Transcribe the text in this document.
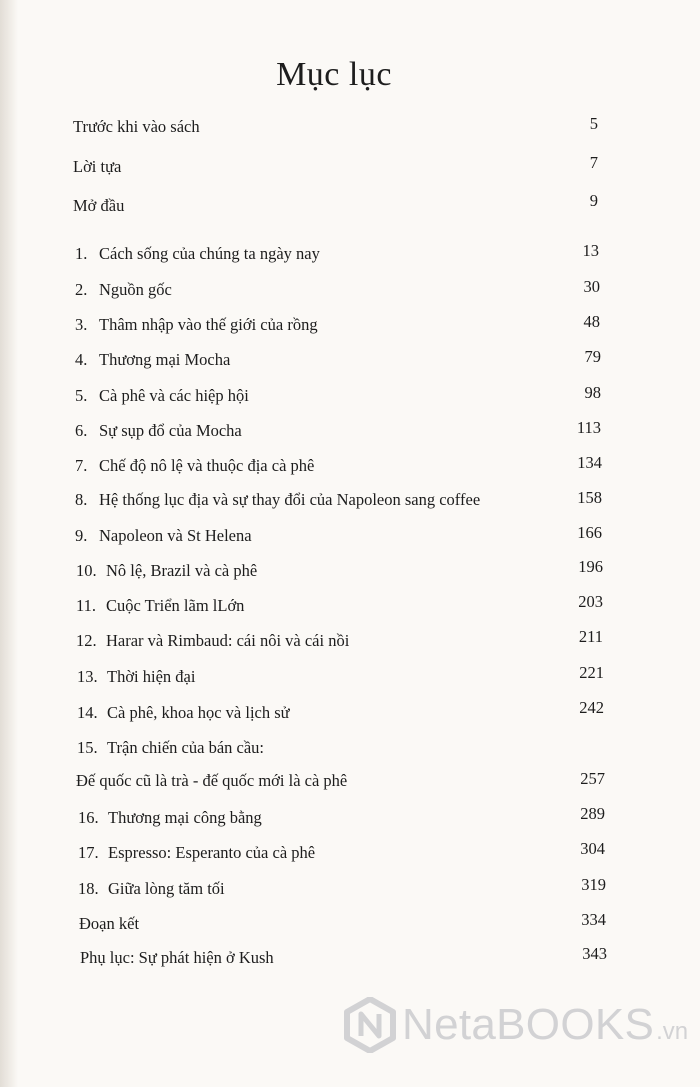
Mục lục
Trước khi vào sách	5
Lời tựa	7
Mở đầu	9
1. Cách sống của chúng ta ngày nay	13
2. Nguồn gốc	30
3. Thâm nhập vào thế giới của rồng	48
4. Thương mại Mocha	79
5. Cà phê và các hiệp hội	98
6. Sự sụp đổ của Mocha	113
7. Chế độ nô lệ và thuộc địa cà phê	134
8. Hệ thống lục địa và sự thay đổi của Napoleon sang coffee	158
9. Napoleon và St Helena	166
10. Nô lệ, Brazil và cà phê	196
11. Cuộc Triển lãm lLớn	203
12. Harar và Rimbaud: cái nôi và cái nồi	211
13. Thời hiện đại	221
14. Cà phê, khoa học và lịch sử	242
15. Trận chiến của bán cầu:
Đế quốc cũ là trà - đế quốc mới là cà phê	257
16. Thương mại công bằng	289
17. Espresso: Esperanto của cà phê	304
18. Giữa lòng tăm tối	319
Đoạn kết	334
Phụ lục: Sự phát hiện ở Kush	343
NetaBOOKS .vn
